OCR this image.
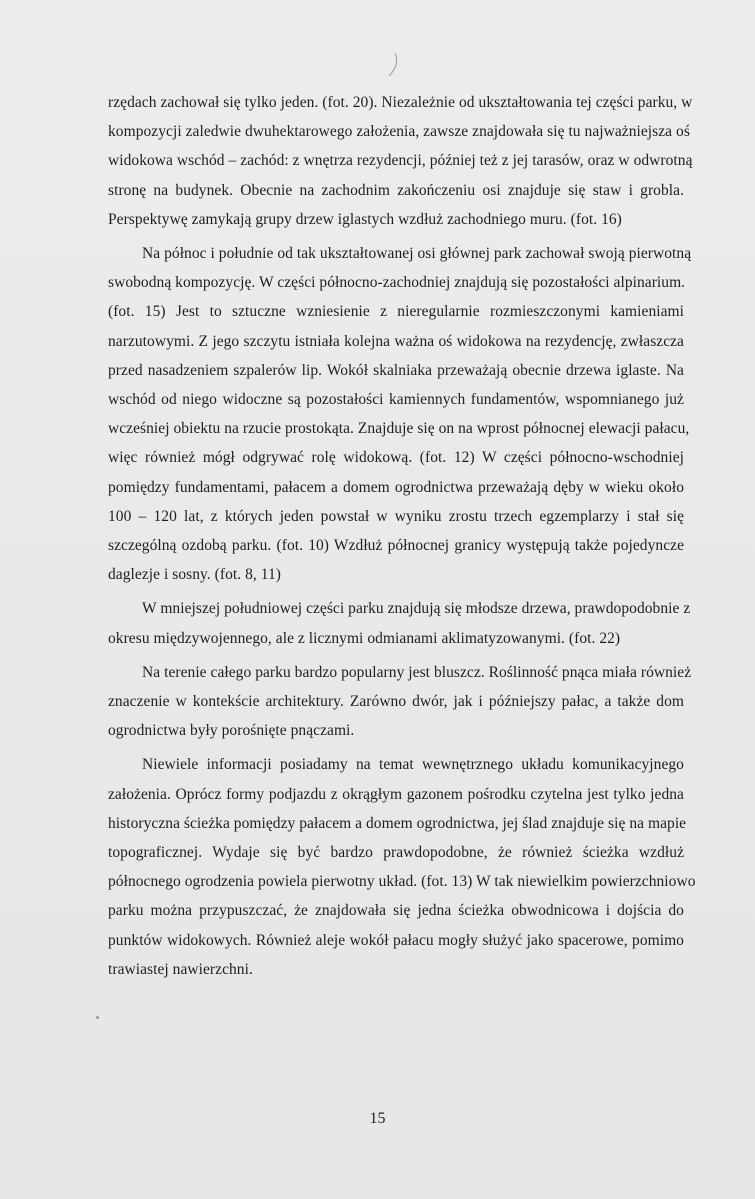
rzędach zachował się tylko jeden. (fot. 20). Niezależnie od ukształtowania tej części parku, w
kompozycji zaledwie dwuhektarowego założenia, zawsze znajdowała się tu najważniejsza oś
widokowa wschód – zachód: z wnętrza rezydencji, później też z jej tarasów, oraz w odwrotną
stronę na budynek. Obecnie na zachodnim zakończeniu osi znajduje się staw i grobla.
Perspektywę zamykają grupy drzew iglastych wzdłuż zachodniego muru. (fot. 16)
Na północ i południe od tak ukształtowanej osi głównej park zachował swoją pierwotną
swobodną kompozycję. W części północno-zachodniej znajdują się pozostałości alpinarium.
(fot. 15) Jest to sztuczne wzniesienie z nieregularnie rozmieszczonymi kamieniami
narzutowymi. Z jego szczytu istniała kolejna ważna oś widokowa na rezydencję, zwłaszcza
przed nasadzeniem szpalerów lip. Wokół skalniaka przeważają obecnie drzewa iglaste. Na
wschód od niego widoczne są pozostałości kamiennych fundamentów, wspomnianego już
wcześniej obiektu na rzucie prostokąta. Znajduje się on na wprost północnej elewacji pałacu,
więc również mógł odgrywać rolę widokową. (fot. 12) W części północno-wschodniej
pomiędzy fundamentami, pałacem a domem ogrodnictwa przeważają dęby w wieku około
100 – 120 lat, z których jeden powstał w wyniku zrostu trzech egzemplarzy i stał się
szczególną ozdobą parku. (fot. 10) Wzdłuż północnej granicy występują także pojedyncze
daglezje i sosny. (fot. 8, 11)
W mniejszej południowej części parku znajdują się młodsze drzewa, prawdopodobnie z
okresu międzywojennego, ale z licznymi odmianami aklimatyzowanymi. (fot. 22)
Na terenie całego parku bardzo popularny jest bluszcz. Roślinność pnąca miała również
znaczenie w kontekście architektury. Zarówno dwór, jak i późniejszy pałac, a także dom
ogrodnictwa były porośnięte pnączami.
Niewiele informacji posiadamy na temat wewnętrznego układu komunikacyjnego
założenia. Oprócz formy podjazdu z okrągłym gazonem pośrodku czytelna jest tylko jedna
historyczna ścieżka pomiędzy pałacem a domem ogrodnictwa, jej ślad znajduje się na mapie
topograficznej. Wydaje się być bardzo prawdopodobne, że również ścieżka wzdłuż
północnego ogrodzenia powiela pierwotny układ. (fot. 13) W tak niewielkim powierzchniowo
parku można przypuszczać, że znajdowała się jedna ścieżka obwodnicowa i dojścia do
punktów widokowych. Również aleje wokół pałacu mogły służyć jako spacerowe, pomimo
trawiastej nawierzchni.
15
